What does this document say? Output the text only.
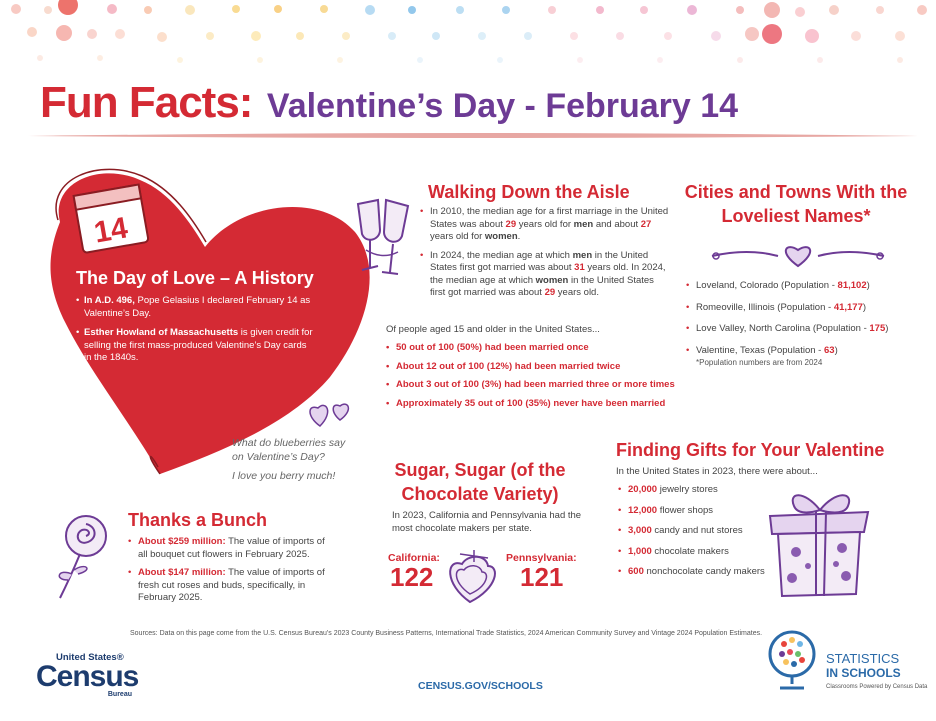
Fun Facts: Valentine’s Day - February 14
14
The Day of Love – A History
• In A.D. 496, Pope Gelasius I declared February 14 as Valentine’s Day.
• Esther Howland of Massachusetts is given credit for selling the first mass-produced Valentine’s Day cards in the 1840s.
Walking Down the Aisle
• In 2010, the median age for a first marriage in the United States was about 29 years old for men and about 27 years old for women.
• In 2024, the median age at which men in the United States first got married was about 31 years old. In 2024, the median age at which women in the United States first got married was about 29 years old.
Of people aged 15 and older in the United States...
• 50 out of 100 (50%) had been married once
• About 12 out of 100 (12%) had been married twice
• About 3 out of 100 (3%) had been married three or more times
• Approximately 35 out of 100 (35%) never have been married
Cities and Towns With the Loveliest Names*
• Loveland, Colorado (Population - 81,102)
• Romeoville, Illinois (Population - 41,177)
• Love Valley, North Carolina (Population - 175)
• Valentine, Texas (Population - 63)
*Population numbers are from 2024
What do blueberries say on Valentine’s Day?
I love you berry much!	Sugar, Sugar (of the Chocolate Variety)
In 2023, California and Pennsylvania had the most chocolate makers per state.
California:
122
Pennsylvania:
121
Finding Gifts for Your Valentine
In the United States in 2023, there were about...
• 20,000 jewelry stores
• 12,000 flower shops
• 3,000 candy and nut stores
• 1,000 chocolate makers
• 600 nonchocolate candy makers
Thanks a Bunch
• About $259 million: The value of imports of all bouquet cut flowers in February 2025.
• About $147 million: The value of imports of fresh cut roses and buds, specifically, in February 2025.
Sources: Data on this page come from the U.S. Census Bureau’s 2023 County Business Patterns, International Trade Statistics, 2024 American Community Survey and Vintage 2024 Population Estimates.
United States®
Census
Bureau
CENSUS.GOV/SCHOOLS
STATISTICS
IN SCHOOLS
Classrooms Powered by Census Data
